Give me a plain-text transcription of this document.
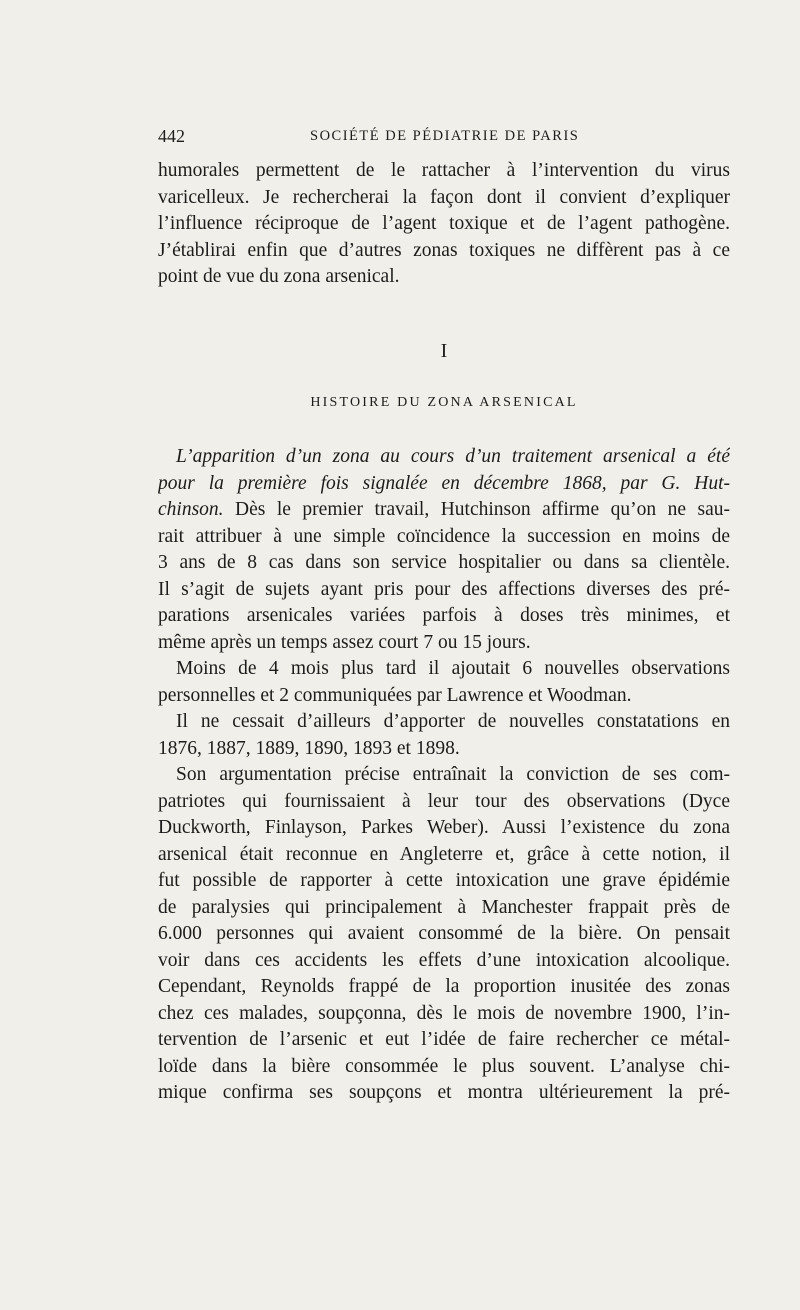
442	SOCIÉTÉ DE PÉDIATRIE DE PARIS
humorales permettent de le rattacher à l’intervention du virus
varicelleux. Je rechercherai la façon dont il convient d’expliquer
l’influence réciproque de l’agent toxique et de l’agent pathogène.
J’établirai enfin que d’autres zonas toxiques ne diffèrent pas à ce
point de vue du zona arsenical.
I
HISTOIRE DU ZONA ARSENICAL
L’apparition d’un zona au cours d’un traitement arsenical a été
pour la première fois signalée en décembre 1868, par G. Hut-
chinson. Dès le premier travail, Hutchinson affirme qu’on ne sau-
rait attribuer à une simple coïncidence la succession en moins de
3 ans de 8 cas dans son service hospitalier ou dans sa clientèle.
Il s’agit de sujets ayant pris pour des affections diverses des pré-
parations arsenicales variées parfois à doses très minimes, et
même après un temps assez court 7 ou 15 jours.
Moins de 4 mois plus tard il ajoutait 6 nouvelles observations
personnelles et 2 communiquées par Lawrence et Woodman.
Il ne cessait d’ailleurs d’apporter de nouvelles constatations en
1876, 1887, 1889, 1890, 1893 et 1898.
Son argumentation précise entraînait la conviction de ses com-
patriotes qui fournissaient à leur tour des observations (Dyce
Duckworth, Finlayson, Parkes Weber). Aussi l’existence du zona
arsenical était reconnue en Angleterre et, grâce à cette notion, il
fut possible de rapporter à cette intoxication une grave épidémie
de paralysies qui principalement à Manchester frappait près de
6.000 personnes qui avaient consommé de la bière. On pensait
voir dans ces accidents les effets d’une intoxication alcoolique.
Cependant, Reynolds frappé de la proportion inusitée des zonas
chez ces malades, soupçonna, dès le mois de novembre 1900, l’in-
tervention de l’arsenic et eut l’idée de faire rechercher ce métal-
loïde dans la bière consommée le plus souvent. L’analyse chi-
mique confirma ses soupçons et montra ultérieurement la pré-
